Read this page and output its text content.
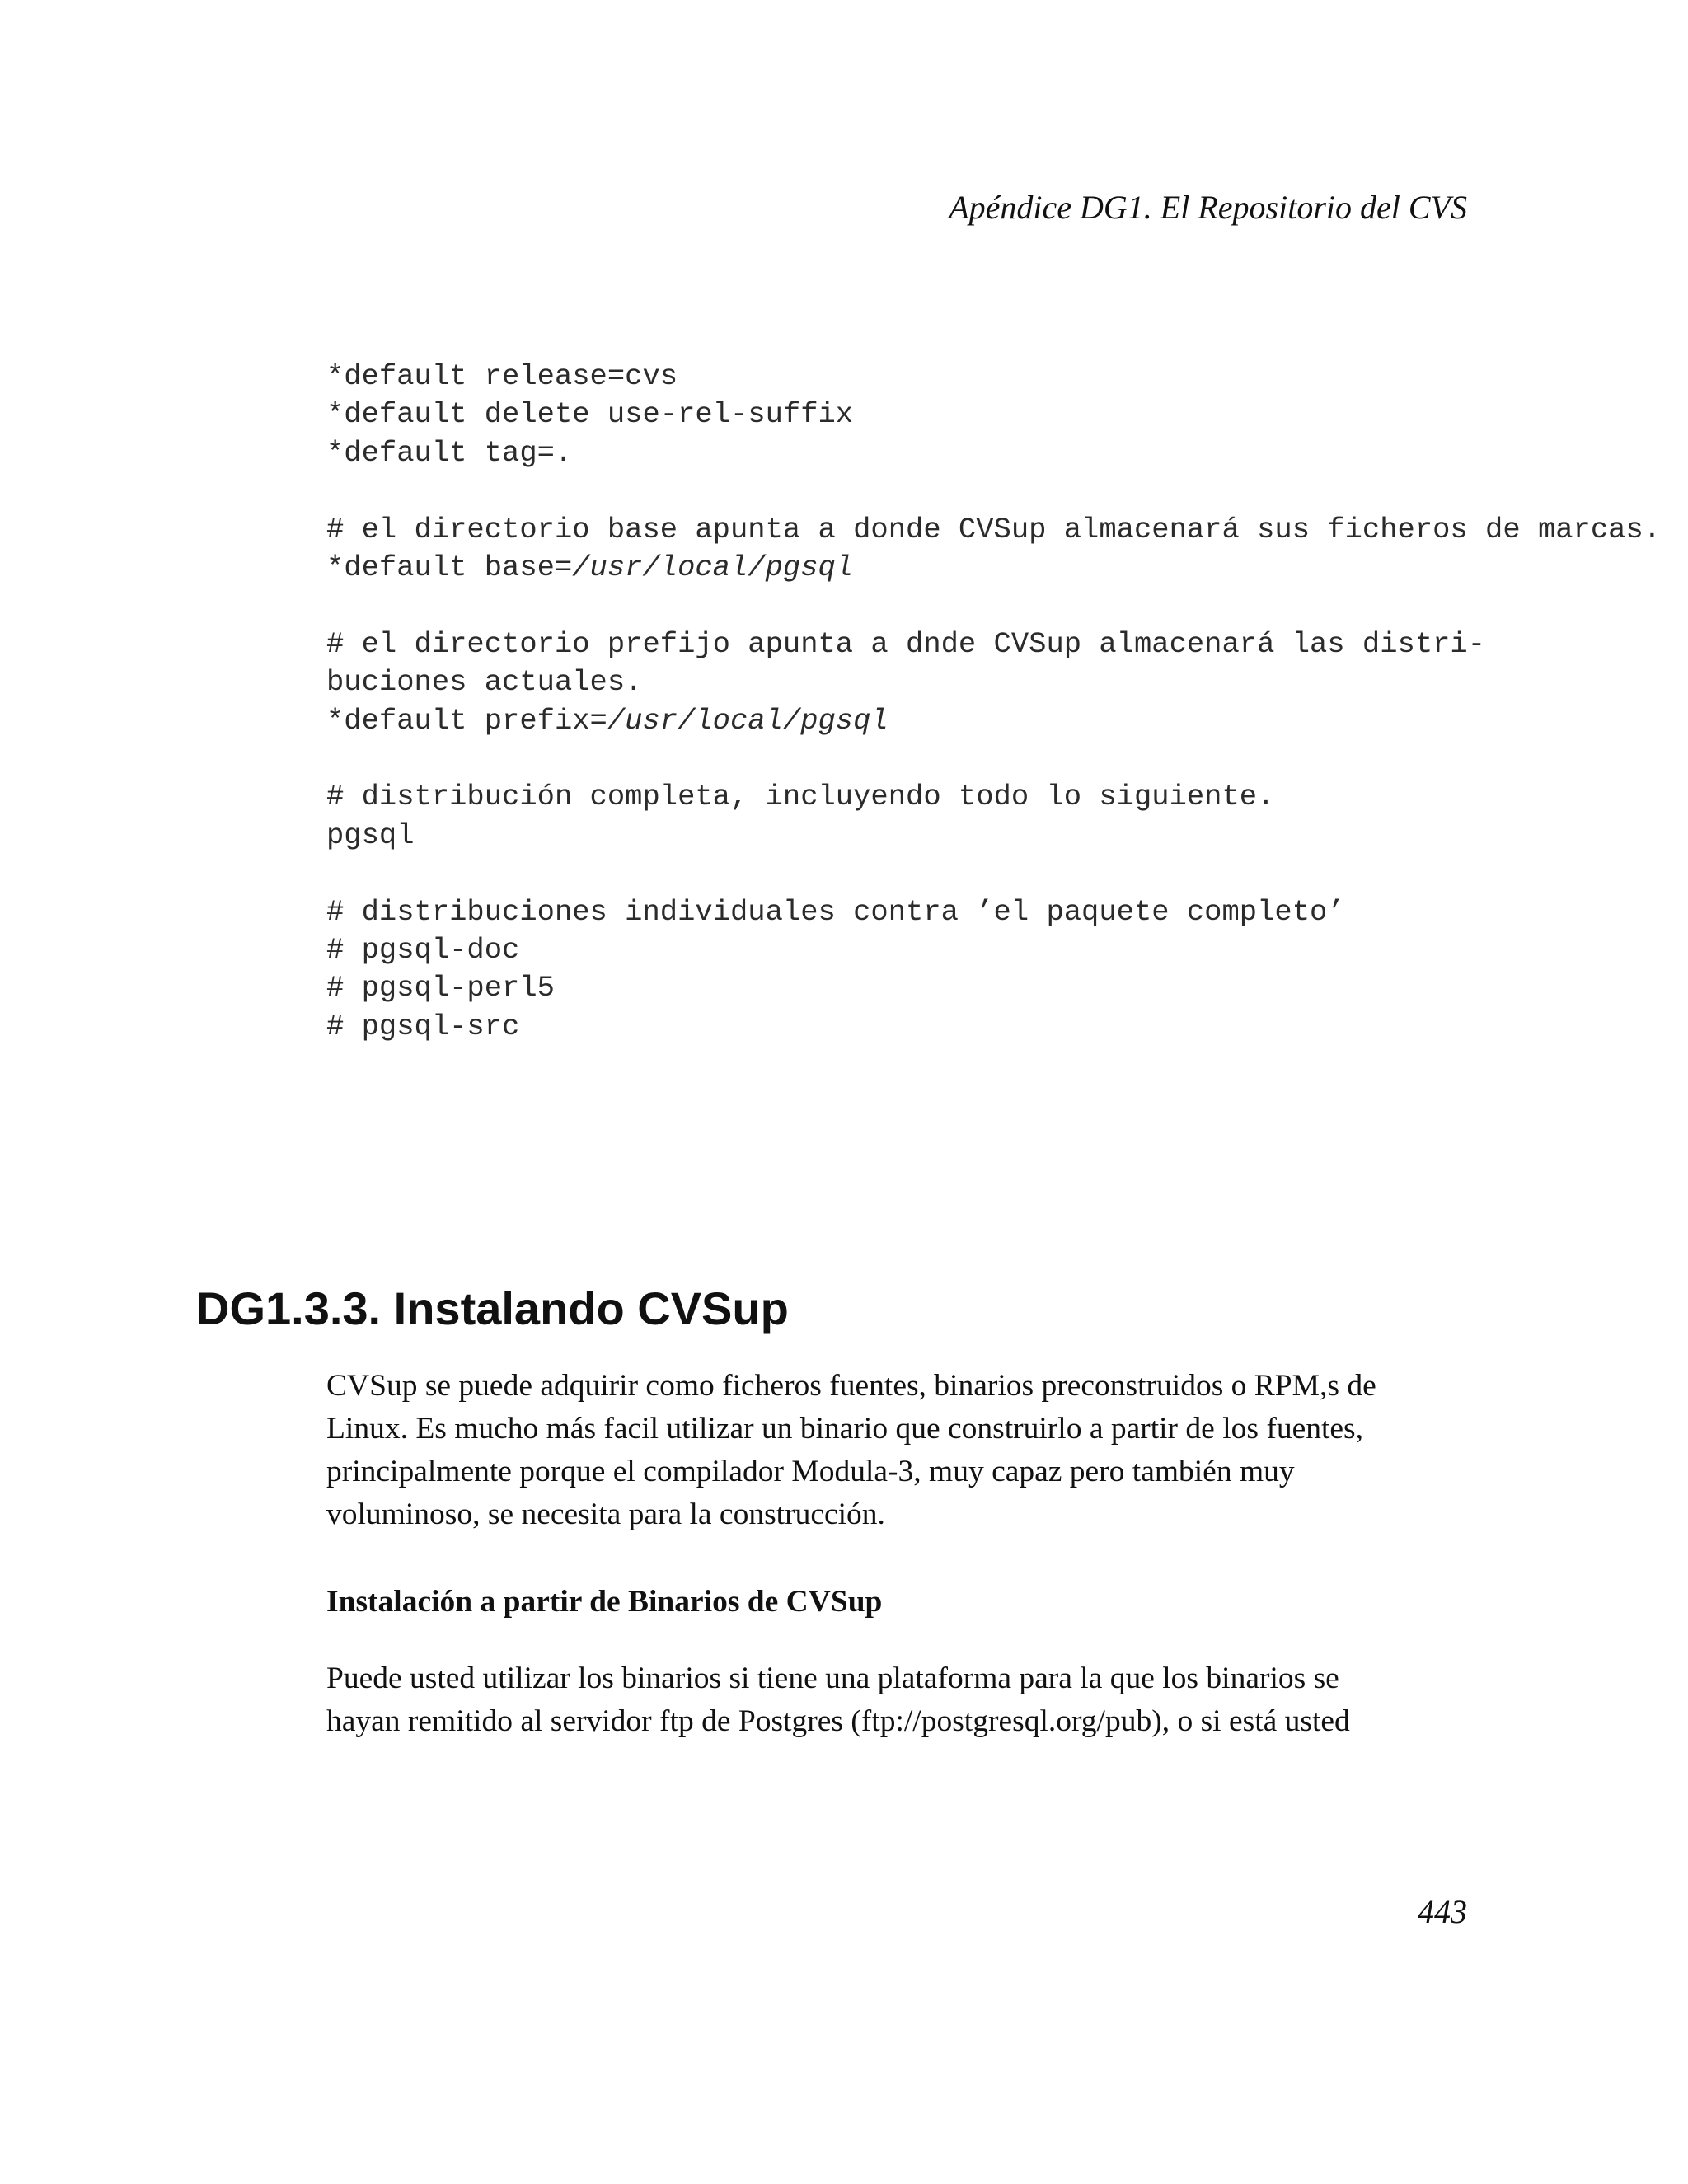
Apéndice DG1. El Repositorio del CVS

*default release=cvs
*default delete use-rel-suffix
*default tag=.
# el directorio base apunta a donde CVSup almacenará sus ficheros de marcas.
*default base=/usr/local/pgsql
# el directorio prefijo apunta a dnde CVSup almacenará las distri-
buciones actuales.
*default prefix=/usr/local/pgsql
# distribución completa, incluyendo todo lo siguiente.
pgsql
# distribuciones individuales contra ’el paquete completo’
# pgsql-doc
# pgsql-perl5
# pgsql-src
DG1.3.3. Instalando CVSup

CVSup se puede adquirir como ficheros fuentes, binarios preconstruidos o RPM,s de
Linux. Es mucho más facil utilizar un binario que construirlo a partir de los fuentes,
principalmente porque el compilador Modula-3, muy capaz pero también muy
voluminoso, se necesita para la construcción.

Instalación a partir de Binarios de CVSup

Puede usted utilizar los binarios si tiene una plataforma para la que los binarios se
hayan remitido al servidor ftp de Postgres (ftp://postgresql.org/pub), o si está usted

443
